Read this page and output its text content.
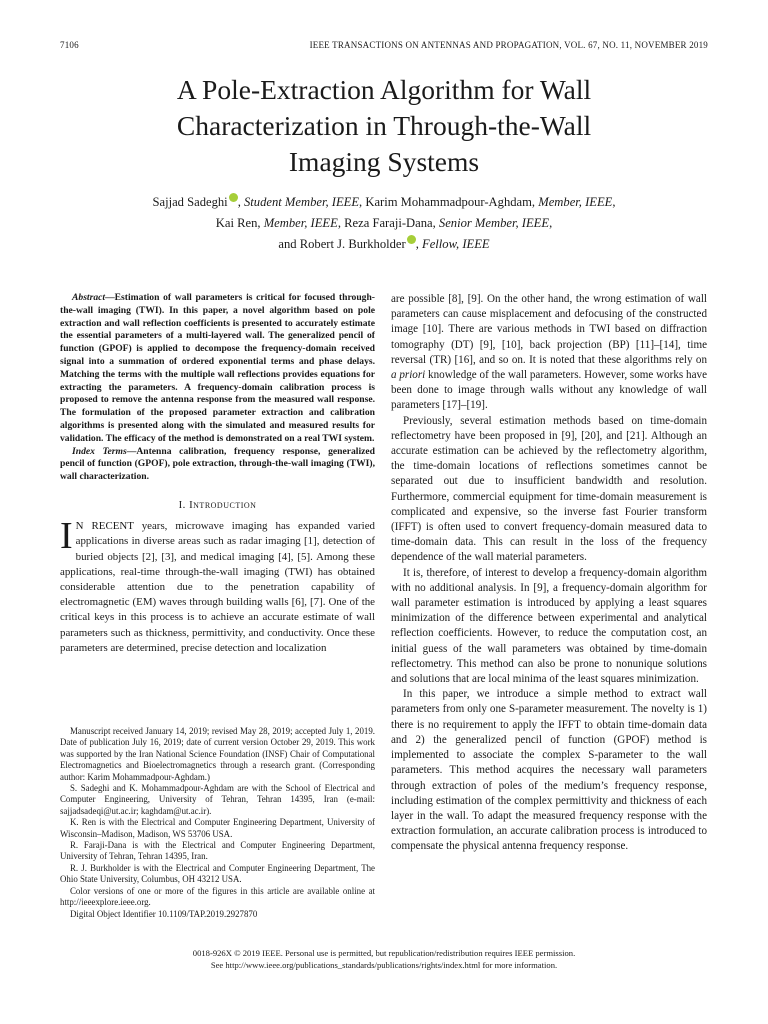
7106	IEEE TRANSACTIONS ON ANTENNAS AND PROPAGATION, VOL. 67, NO. 11, NOVEMBER 2019
A Pole-Extraction Algorithm for Wall
Characterization in Through-the-Wall
Imaging Systems
Sajjad Sadeghi , Student Member, IEEE, Karim Mohammadpour-Aghdam, Member, IEEE,
Kai Ren, Member, IEEE, Reza Faraji-Dana, Senior Member, IEEE,
and Robert J. Burkholder , Fellow, IEEE

Abstract—Estimation of wall parameters is critical for focused through-the-wall imaging (TWI). In this paper, a novel algorithm based on pole extraction and wall reflection coefficients is presented to accurately estimate the essential parameters of a multi-layered wall. The generalized pencil of function (GPOF) is applied to decompose the frequency-domain received signal into a summation of ordered exponential terms and phase delays. Matching the terms with the multiple wall reflections provides equations for extracting the parameters. A frequency-domain calibration process is proposed to remove the antenna response from the measured wall response. The formulation of the proposed parameter extraction and calibration algorithms is presented along with the simulated and measured results for validation. The efficacy of the method is demonstrated on a real TWI system.

Index Terms—Antenna calibration, frequency response, generalized pencil of function (GPOF), pole extraction, through-the-wall imaging (TWI), wall characterization.

I. Introduction

I N RECENT years, microwave imaging has expanded varied applications in diverse areas such as radar imaging [1], detection of buried objects [2], [3], and medical imaging [4], [5]. Among these applications, real-time through-the-wall imaging (TWI) has obtained considerable attention due to the penetration capability of electromagnetic (EM) waves through building walls [6], [7]. One of the critical keys in this process is to achieve an accurate estimate of wall parameters such as thickness, permittivity, and conductivity. Once these parameters are determined, precise detection and localization

Manuscript received January 14, 2019; revised May 28, 2019; accepted July 1, 2019. Date of publication July 16, 2019; date of current version October 29, 2019. This work was supported by the Iran National Science Foundation (INSF) Chair of Computational Electromagnetics and Bioelectromagnetics through a research grant. (Corresponding author: Karim Mohammadpour-Aghdam.)

S. Sadeghi and K. Mohammadpour-Aghdam are with the School of Electrical and Computer Engineering, University of Tehran, Tehran 14395, Iran (e-mail: sajjadsadeqi@ut.ac.ir; kaghdam@ut.ac.ir).

K. Ren is with the Electrical and Computer Engineering Department, University of Wisconsin–Madison, Madison, WS 53706 USA.

R. Faraji-Dana is with the Electrical and Computer Engineering Department, University of Tehran, Tehran 14395, Iran.

R. J. Burkholder is with the Electrical and Computer Engineering Department, The Ohio State University, Columbus, OH 43212 USA.

Color versions of one or more of the figures in this article are available online at http://ieeexplore.ieee.org.

Digital Object Identifier 10.1109/TAP.2019.2927870

are possible [8], [9]. On the other hand, the wrong estimation of wall parameters can cause misplacement and defocusing of the constructed image [10]. There are various methods in TWI based on diffraction tomography (DT) [9], [10], back projection (BP) [11]–[14], time reversal (TR) [16], and so on. It is noted that these algorithms rely on a priori knowledge of the wall parameters. However, some works have been done to image through walls without any knowledge of wall parameters [17]–[19].

Previously, several estimation methods based on time-domain reflectometry have been proposed in [9], [20], and [21]. Although an accurate estimation can be achieved by the reflectometry algorithm, the time-domain locations of reflections sometimes cannot be separated out due to insufficient bandwidth and resolution. Furthermore, commercial equipment for time-domain measurement is complicated and expensive, so the inverse fast Fourier transform (IFFT) is often used to convert frequency-domain measured data to time-domain data. This can result in the loss of the frequency dependence of the wall material parameters.

It is, therefore, of interest to develop a frequency-domain algorithm with no additional analysis. In [9], a frequency-domain algorithm for wall parameter estimation is introduced by applying a least squares minimization of the difference between experimental and analytical reflection coefficients. However, to reduce the computation cost, an initial guess of the wall parameters was obtained by time-domain reflectometry. This method can also be prone to nonunique solutions and solutions that are local minima of the least squares minimization.

In this paper, we introduce a simple method to extract wall parameters from only one S-parameter measurement. The novelty is 1) there is no requirement to apply the IFFT to obtain time-domain data and 2) the generalized pencil of function (GPOF) method is implemented to associate the complex S-parameter to the wall parameters. This method acquires the necessary wall parameters through extraction of poles of the medium’s frequency response, including estimation of the complex permittivity and thickness of each layer in the wall. To adapt the measured frequency response with the extraction formulation, an accurate calibration process is introduced to compensate the physical antenna frequency response.

0018-926X © 2019 IEEE. Personal use is permitted, but republication/redistribution requires IEEE permission.
See http://www.ieee.org/publications_standards/publications/rights/index.html for more information.
